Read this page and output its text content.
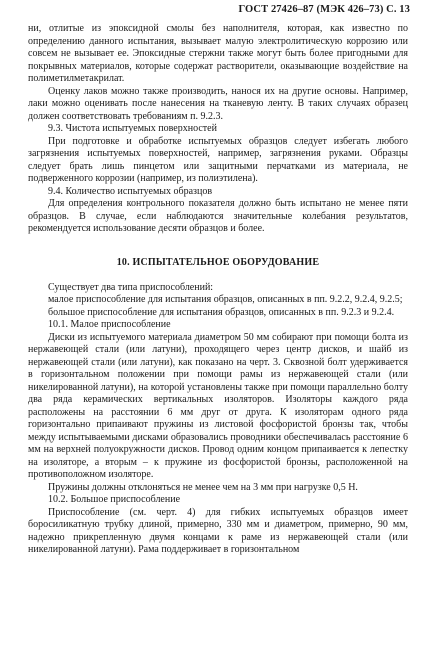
ГОСТ 27426–87 (МЭК 426–73) С. 13

ни, отлитые из эпоксидной смолы без наполнителя, которая, как известно по определению данного испытания, вызывает малую электролитическую коррозию или совсем не вызывает ее. Эпоксидные стержни также могут быть более пригодными для покрывных материалов, которые содержат растворители, оказывающие воздействие на полиметилметакрилат.

Оценку лаков можно также производить, нанося их на другие основы. Например, лаки можно оценивать после нанесения на тканевую ленту. В таких случаях образец должен соответствовать требованиям п. 9.2.3.

9.3. Чистота испытуемых поверхностей

При подготовке и обработке испытуемых образцов следует избегать любого загрязнения испытуемых поверхностей, например, загрязнения руками. Образцы следует брать лишь пинцетом или защитными перчатками из материала, не подверженного коррозии (например, из полиэтилена).

9.4. Количество испытуемых образцов

Для определения контрольного показателя должно быть испытано не менее пяти образцов. В случае, если наблюдаются значительные колебания результатов, рекомендуется использование десяти образцов и более.

10. ИСПЫТАТЕЛЬНОЕ ОБОРУДОВАНИЕ

Существует два типа приспособлений:

малое приспособление для испытания образцов, описанных в пп. 9.2.2, 9.2.4, 9.2.5;

большое приспособление для испытания образцов, описанных в пп. 9.2.3 и 9.2.4.

10.1. Малое приспособление

Диски из испытуемого материала диаметром 50 мм собирают при помощи болта из нержавеющей стали (или латуни), проходящего через центр дисков, и шайб из нержавеющей стали (или латуни), как показано на черт. 3. Сквозной болт удерживается в горизонтальном положении при помощи рамы из нержавеющей стали (или никелированной латуни), на которой установлены также при помощи параллельно болту два ряда керамических вертикальных изоляторов. Изоляторы каждого ряда расположены на расстоянии 6 мм друг от друга. К изоляторам одного ряда горизонтально припаивают пружины из листовой фосфористой бронзы так, чтобы между испытываемыми дисками образовались проводники обеспечивалась расстояние 6 мм на верхней полуокружности дисков. Провод одним концом припаивается к лепестку на изоляторе, а вторым – к пружине из фосфористой бронзы, расположенной на противоположном изоляторе.

Пружины должны отклоняться не менее чем на 3 мм при нагрузке 0,5 Н.

10.2. Большое приспособление

Приспособление (см. черт. 4) для гибких испытуемых образцов имеет боросиликатную трубку длиной, примерно, 330 мм и диаметром, примерно, 90 мм, надежно прикрепленную двумя концами к раме из нержавеющей стали (или никелированной латуни). Рама поддерживает в горизонтальном
